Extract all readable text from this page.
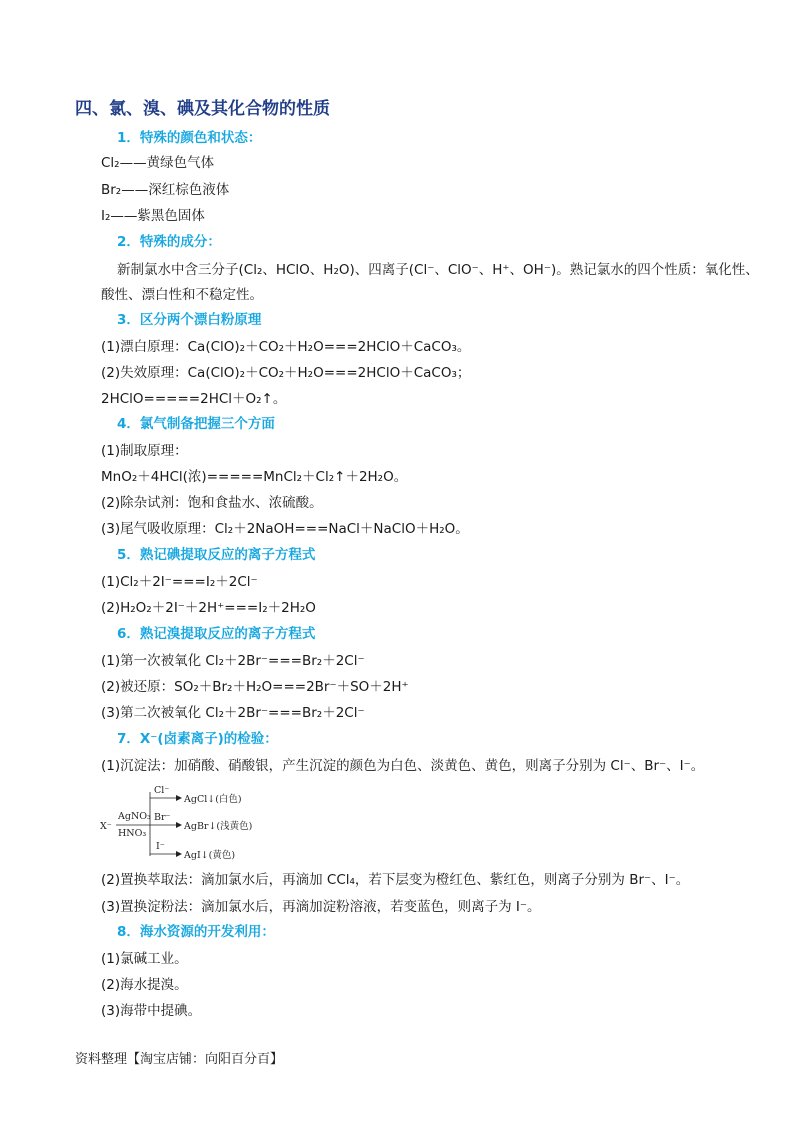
四、氯、溴、碘及其化合物的性质
1．特殊的颜色和状态：
Cl₂——黄绿色气体
Br₂——深红棕色液体
I₂——紫黑色固体
2．特殊的成分：
新制氯水中含三分子(Cl₂、HClO、H₂O)、四离子(Cl⁻、ClO⁻、H⁺、OH⁻)。熟记氯水的四个性质：氧化性、
酸性、漂白性和不稳定性。
3．区分两个漂白粉原理
(1)漂白原理：Ca(ClO)₂＋CO₂＋H₂O===2HClO＋CaCO₃。
(2)失效原理：Ca(ClO)₂＋CO₂＋H₂O===2HClO＋CaCO₃；
2HClO=====2HCl＋O₂↑。
4．氯气制备把握三个方面
(1)制取原理：
MnO₂＋4HCl(浓)=====MnCl₂＋Cl₂↑＋2H₂O。
(2)除杂试剂：饱和食盐水、浓硫酸。
(3)尾气吸收原理：Cl₂＋2NaOH===NaCl＋NaClO＋H₂O。
5．熟记碘提取反应的离子方程式
(1)Cl₂＋2I⁻===I₂＋2Cl⁻
(2)H₂O₂＋2I⁻＋2H⁺===I₂＋2H₂O
6．熟记溴提取反应的离子方程式
(1)第一次被氧化 Cl₂＋2Br⁻===Br₂＋2Cl⁻
(2)被还原：SO₂＋Br₂＋H₂O===2Br⁻＋SO＋2H⁺
(3)第二次被氧化 Cl₂＋2Br⁻===Br₂＋2Cl⁻
7．X⁻(卤素离子)的检验：
(1)沉淀法：加硝酸、硝酸银，产生沉淀的颜色为白色、淡黄色、黄色，则离子分别为 Cl⁻、Br⁻、I⁻。
X⁻
AgNO₃
HNO₃
Cl⁻
Br⁻
I⁻
AgCl↓(白色)
AgBr↓(浅黄色)
AgI↓(黄色)
(2)置换萃取法：滴加氯水后，再滴加 CCl₄，若下层变为橙红色、紫红色，则离子分别为 Br⁻、I⁻。
(3)置换淀粉法：滴加氯水后，再滴加淀粉溶液，若变蓝色，则离子为 I⁻。
8．海水资源的开发利用：
(1)氯碱工业。
(2)海水提溴。
(3)海带中提碘。
资料整理【淘宝店铺：向阳百分百】
